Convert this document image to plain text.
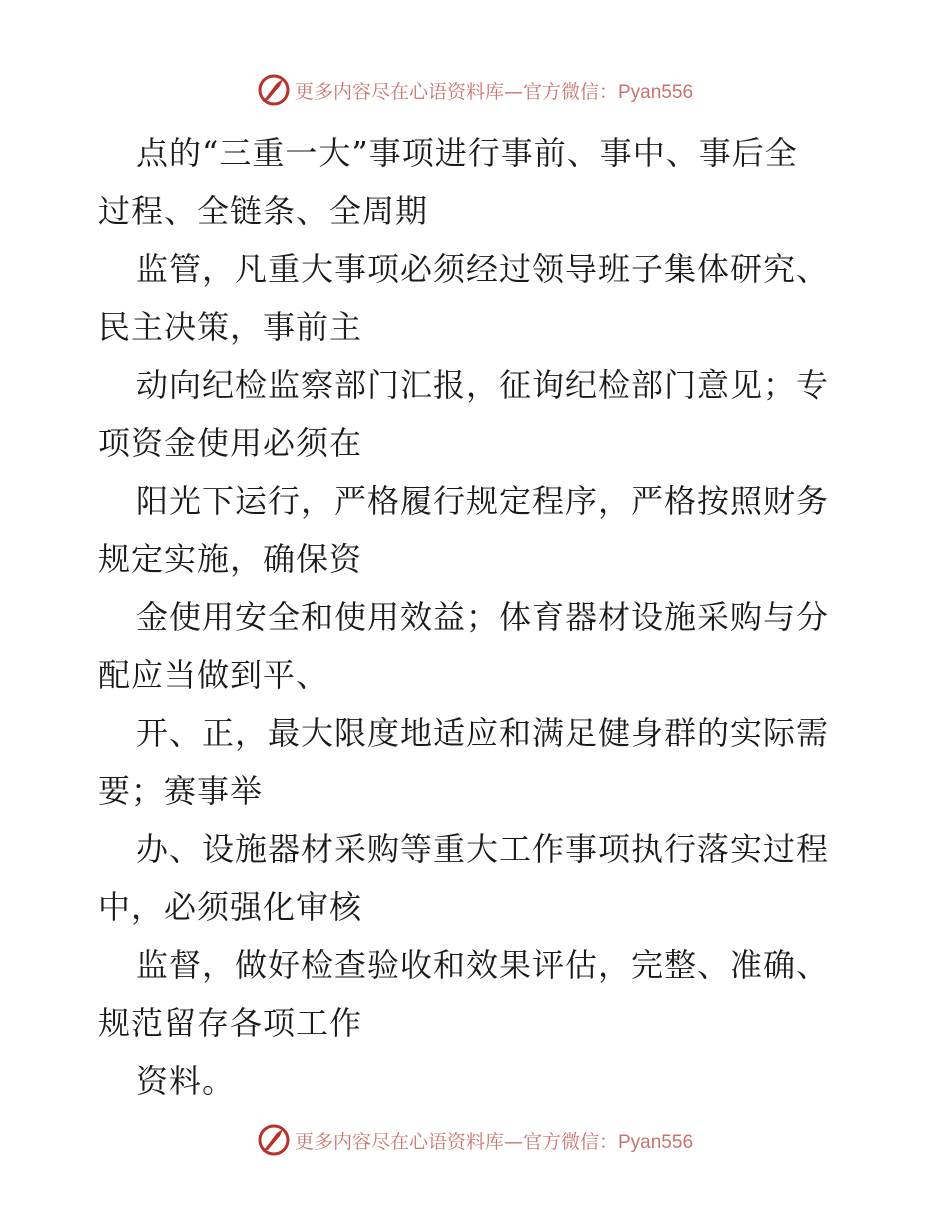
更多内容尽在心语资料库—官方微信：Pyan556
点的“三重一大”事项进行事前、事中、事后全
过程、全链条、全周期
监管，凡重大事项必须经过领导班子集体研究、
民主决策，事前主
动向纪检监察部门汇报，征询纪检部门意见；专
项资金使用必须在
阳光下运行，严格履行规定程序，严格按照财务
规定实施，确保资
金使用安全和使用效益；体育器材设施采购与分
配应当做到平、
开、正，最大限度地适应和满足健身群的实际需
要；赛事举
办、设施器材采购等重大工作事项执行落实过程
中，必须强化审核
监督，做好检查验收和效果评估，完整、准确、
规范留存各项工作
资料。
更多内容尽在心语资料库—官方微信：Pyan556
